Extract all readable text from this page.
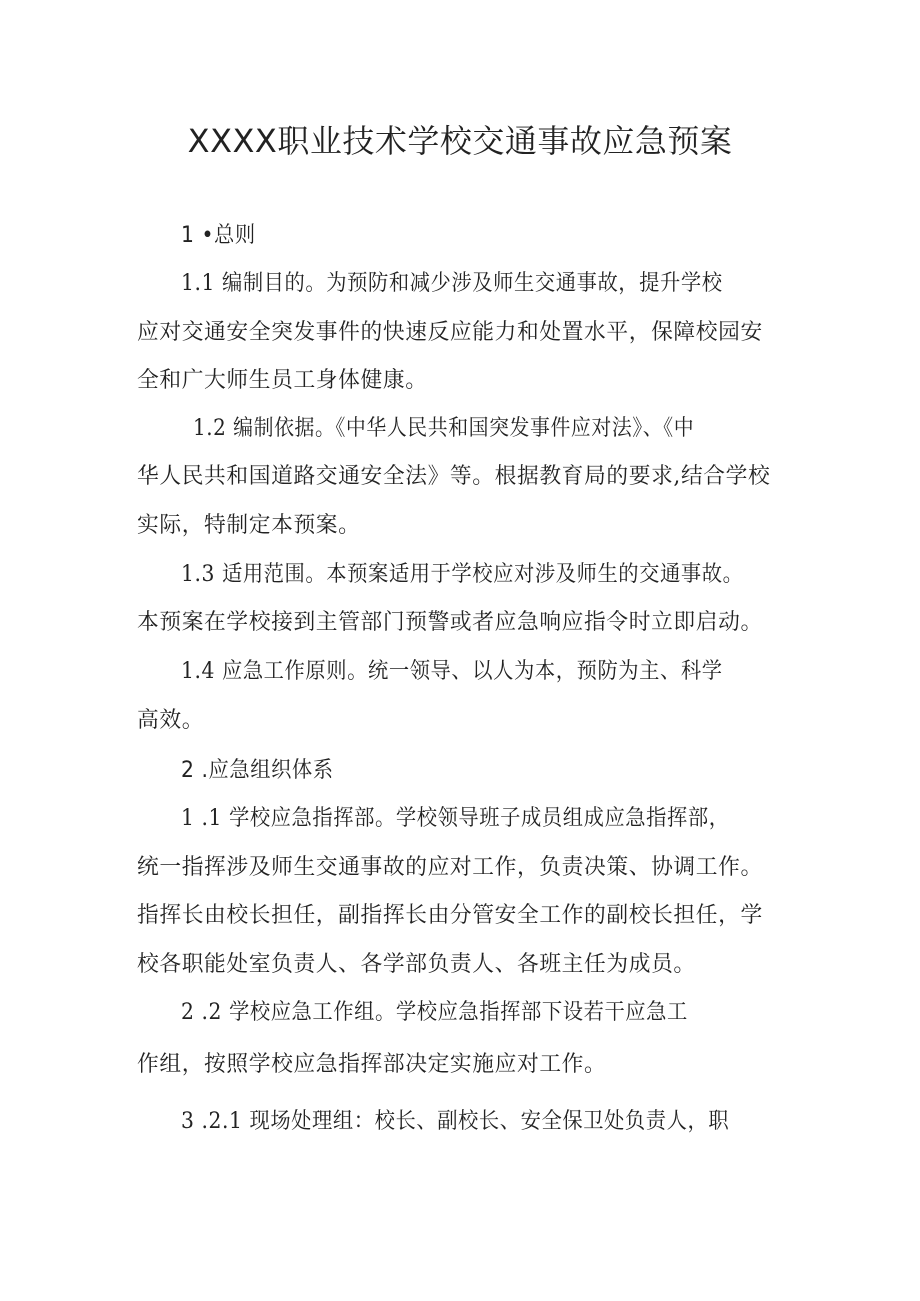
XXXX职业技术学校交通事故应急预案
1 •总则
1.1 编制目的。为预防和减少涉及师生交通事故，提升学校
应对交通安全突发事件的快速反应能力和处置水平，保障校园安
全和广大师生员工身体健康。
1.2 编制依据。《中华人民共和国突发事件应对法》、《中
华人民共和国道路交通安全法》等。根据教育局的要求,结合学校
实际，特制定本预案。
1.3 适用范围。本预案适用于学校应对涉及师生的交通事故。
本预案在学校接到主管部门预警或者应急响应指令时立即启动。
1.4 应急工作原则。统一领导、以人为本，预防为主、科学
高效。
2 .应急组织体系
1 .1 学校应急指挥部。学校领导班子成员组成应急指挥部，
统一指挥涉及师生交通事故的应对工作，负责决策、协调工作。
指挥长由校长担任，副指挥长由分管安全工作的副校长担任，学
校各职能处室负责人、各学部负责人、各班主任为成员。
2 .2 学校应急工作组。学校应急指挥部下设若干应急工
作组，按照学校应急指挥部决定实施应对工作。
3 .2.1 现场处理组：校长、副校长、安全保卫处负责人，职
